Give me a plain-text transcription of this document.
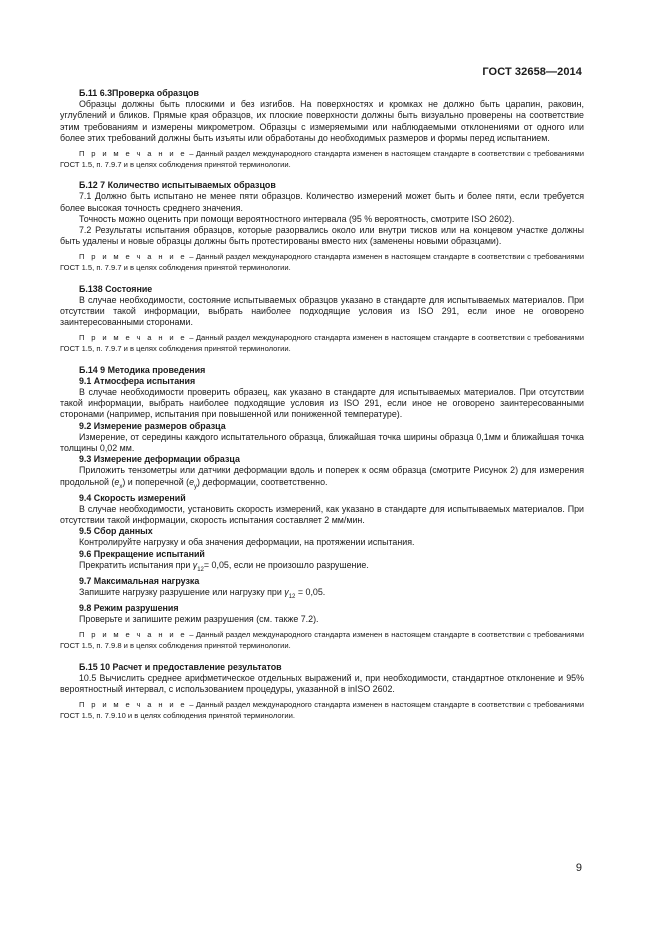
ГОСТ 32658—2014
Б.11 6.3Проверка образцов

Образцы должны быть плоскими и без изгибов. На поверхностях и кромках не должно быть царапин, раковин, углублений и бликов. Прямые края образцов, их плоские поверхности должны быть визуально проверены на соответствие этим требованиям и измерены микрометром. Образцы с измеряемыми или наблюдаемыми отклонениями от одного или более этих требований должны быть изъяты или обработаны до необходимых размеров и формы перед испытанием.

П р и м е ч а н и е – Данный раздел международного стандарта изменен в настоящем стандарте в соответствии с требованиями ГОСТ 1.5, п. 7.9.7 и в целях соблюдения принятой терминологии.
Б.12 7 Количество испытываемых образцов

7.1 Должно быть испытано не менее пяти образцов. Количество измерений может быть и более пяти, если требуется более высокая точность среднего значения.

Точность можно оценить при помощи вероятностного интервала (95 % вероятность, смотрите ISO 2602).

7.2 Результаты испытания образцов, которые разорвались около или внутри тисков или на концевом участке должны быть удалены и новые образцы должны быть протестированы вместо них (заменены новыми образцами).

П р и м е ч а н и е – Данный раздел международного стандарта изменен в настоящем стандарте в соответствии с требованиями ГОСТ 1.5, п. 7.9.7 и в целях соблюдения принятой терминологии.
Б.138 Состояние

В случае необходимости, состояние испытываемых образцов указано в стандарте для испытываемых материалов. При отсутствии такой информации, выбрать наиболее подходящие условия из ISO 291, если иное не оговорено заинтересованными сторонами.

П р и м е ч а н и е – Данный раздел международного стандарта изменен в настоящем стандарте в соответствии с требованиями ГОСТ 1.5, п. 7.9.7 и в целях соблюдения принятой терминологии.
Б.14 9 Методика проведения
9.1 Атмосфера испытания

В случае необходимости проверить образец, как указано в стандарте для испытываемых материалов. При отсутствии такой информации, выбрать наиболее подходящие условия из ISO 291, если иное не оговорено заинтересованными сторонами (например, испытания при повышенной или пониженной температуре).

9.2 Измерение размеров образца

Измерение, от середины каждого испытательного образца, ближайшая точка ширины образца 0,1мм и ближайшая точка толщины 0,02 мм.

9.3 Измерение деформации образца

Приложить тензометры или датчики деформации вдоль и поперек к осям образца (смотрите Рисунок 2) для измерения продольной $(e_x)$ и поперечной $(e_y)$ деформации, соответственно.

9.4 Скорость измерений

В случае необходимости, установить скорость измерений, как указано в стандарте для испытываемых материалов. При отсутствии такой информации, скорость испытания составляет 2 мм/мин.

9.5 Сбор данных

Контролируйте нагрузку и оба значения деформации, на протяжении испытания.

9.6 Прекращение испытаний

Прекратить испытания при $\gamma_{12}= 0,05$, если не произошло разрушение.

9.7 Максимальная нагрузка

Запишите нагрузку разрушение или нагрузку при $\gamma_{12} = 0,05$.

9.8 Режим разрушения

Проверьте и запишите режим разрушения (см. также 7.2).

П р и м е ч а н и е – Данный раздел международного стандарта изменен в настоящем стандарте в соответствии с требованиями ГОСТ 1.5, п. 7.9.8 и в целях соблюдения принятой терминологии.
Б.15 10 Расчет и предоставление результатов

10.5 Вычислить среднее арифметическое отдельных выражений и, при необходимости, стандартное отклонение и 95% вероятностный интервал, с использованием процедуры, указанной в inISO 2602.

П р и м е ч а н и е – Данный раздел международного стандарта изменен в настоящем стандарте в соответствии с требованиями ГОСТ 1.5, п. 7.9.10 и в целях соблюдения принятой терминологии.
9
